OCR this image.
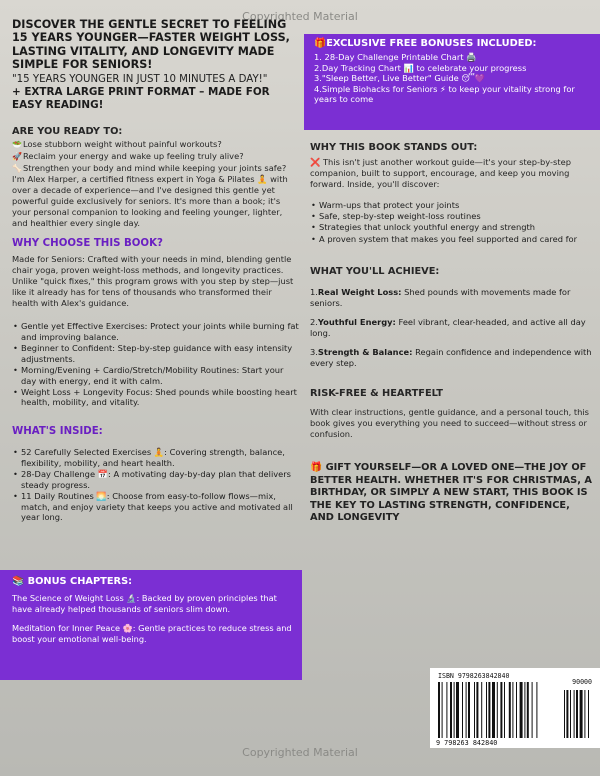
Copyrighted Material
DISCOVER THE GENTLE SECRET TO FEELING 15 YEARS YOUNGER—FASTER WEIGHT LOSS, LASTING VITALITY, AND LONGEVITY MADE SIMPLE FOR SENIORS!
"15 YEARS YOUNGER IN JUST 10 MINUTES A DAY!"
+ EXTRA LARGE PRINT FORMAT – MADE FOR EASY READING!
ARE YOU READY TO:

🥗Lose stubborn weight without painful workouts?

🚀Reclaim your energy and wake up feeling truly alive?

🦴Strengthen your body and mind while keeping your joints safe? I'm Alex Harper, a certified fitness expert in Yoga & Pilates 🧘 with over a decade of experience—and I've designed this gentle yet powerful guide exclusively for seniors. It's more than a book; it's your personal companion to looking and feeling younger, lighter, and healthier every single day.

WHY CHOOSE THIS BOOK?
Made for Seniors: Crafted with your needs in mind, blending gentle chair yoga, proven weight-loss methods, and longevity practices. Unlike "quick fixes," this program grows with you step by step—just like it already has for tens of thousands who transformed their health with Alex's guidance.
• Gentle yet Effective Exercises: Protect your joints while burning fat and improving balance.
• Beginner to Confident: Step-by-step guidance with easy intensity adjustments.
• Morning/Evening + Cardio/Stretch/Mobility Routines: Start your day with energy, end it with calm.
• Weight Loss + Longevity Focus: Shed pounds while boosting heart health, mobility, and vitality.
WHAT'S INSIDE:
• 52 Carefully Selected Exercises 🧘: Covering strength, balance, flexibility, mobility, and heart health.
• 28-Day Challenge 📅: A motivating day-by-day plan that delivers steady progress.
• 11 Daily Routines 🌅: Choose from easy-to-follow flows—mix, match, and enjoy variety that keeps you active and motivated all year long.
📚 BONUS CHAPTERS:
The Science of Weight Loss 🔬: Backed by proven principles that have already helped thousands of seniors slim down.
Meditation for Inner Peace 🌸: Gentle practices to reduce stress and boost your emotional well-being.
🎁EXCLUSIVE FREE BONUSES INCLUDED:
1. 28-Day Challenge Printable Chart 🖨️
2.Day Tracking Chart 📊 to celebrate your progress
3."Sleep Better, Live Better" Guide 😴💜
4.Simple Biohacks for Seniors ⚡ to keep your vitality strong for years to come
WHY THIS BOOK STANDS OUT:
❌ This isn't just another workout guide—it's your step-by-step companion, built to support, encourage, and keep you moving forward. Inside, you'll discover:
• Warm-ups that protect your joints
• Safe, step-by-step weight-loss routines
• Strategies that unlock youthful energy and strength
• A proven system that makes you feel supported and cared for
WHAT YOU'LL ACHIEVE:
1.Real Weight Loss: Shed pounds with movements made for seniors.
2.Youthful Energy: Feel vibrant, clear-headed, and active all day long.
3.Strength & Balance: Regain confidence and independence with every step.
RISK-FREE & HEARTFELT
With clear instructions, gentle guidance, and a personal touch, this book gives you everything you need to succeed—without stress or confusion.
🎁 GIFT YOURSELF—OR A LOVED ONE—THE JOY OF BETTER HEALTH. WHETHER IT'S FOR CHRISTMAS, A BIRTHDAY, OR SIMPLY A NEW START, THIS BOOK IS THE KEY TO LASTING STRENGTH, CONFIDENCE, AND LONGEVITY
ISBN 9798263842840
90000
9 798263 842840
Copyrighted Material
